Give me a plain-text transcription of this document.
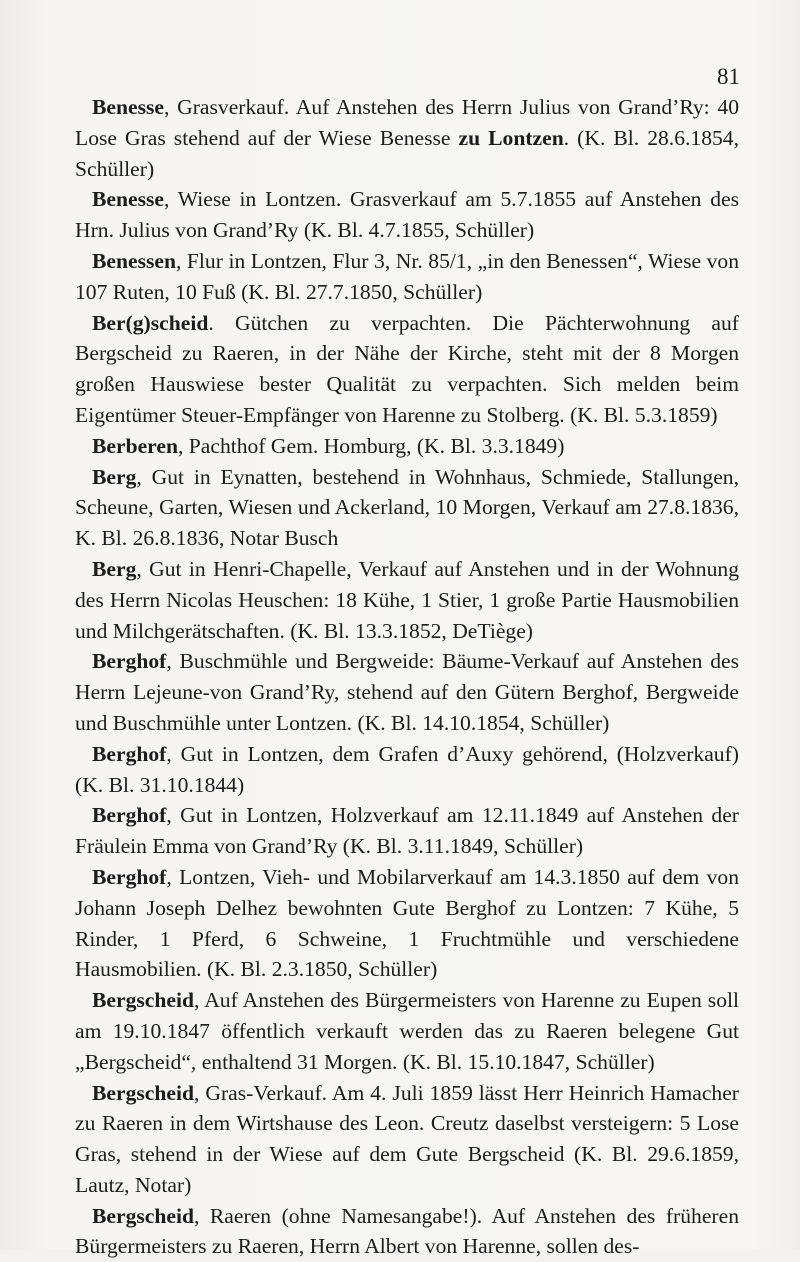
81

Benesse, Grasverkauf. Auf Anstehen des Herrn Julius von Grand’Ry: 40 Lose Gras stehend auf der Wiese Benesse zu Lontzen. (K. Bl. 28.6.1854, Schüller)

Benesse, Wiese in Lontzen. Grasverkauf am 5.7.1855 auf Anstehen des Hrn. Julius von Grand’Ry (K. Bl. 4.7.1855, Schüller)

Benessen, Flur in Lontzen, Flur 3, Nr. 85/1, „in den Benessen“, Wiese von 107 Ruten, 10 Fuß (K. Bl. 27.7.1850, Schüller)

Ber(g)scheid. Gütchen zu verpachten. Die Pächterwohnung auf Bergscheid zu Raeren, in der Nähe der Kirche, steht mit der 8 Morgen großen Hauswiese bester Qualität zu verpachten. Sich melden beim Eigentümer Steuer-Empfänger von Harenne zu Stolberg. (K. Bl. 5.3.1859)

Berberen, Pachthof Gem. Homburg, (K. Bl. 3.3.1849)

Berg, Gut in Eynatten, bestehend in Wohnhaus, Schmiede, Stallungen, Scheune, Garten, Wiesen und Ackerland, 10 Morgen, Verkauf am 27.8.1836, K. Bl. 26.8.1836, Notar Busch

Berg, Gut in Henri-Chapelle, Verkauf auf Anstehen und in der Wohnung des Herrn Nicolas Heuschen: 18 Kühe, 1 Stier, 1 große Partie Hausmobilien und Milchgerätschaften. (K. Bl. 13.3.1852, DeTiège)

Berghof, Buschmühle und Bergweide: Bäume-Verkauf auf Anstehen des Herrn Lejeune-von Grand’Ry, stehend auf den Gütern Berghof, Bergweide und Buschmühle unter Lontzen. (K. Bl. 14.10.1854, Schüller)

Berghof, Gut in Lontzen, dem Grafen d’Auxy gehörend, (Holzverkauf) (K. Bl. 31.10.1844)

Berghof, Gut in Lontzen, Holzverkauf am 12.11.1849 auf Anstehen der Fräulein Emma von Grand’Ry (K. Bl. 3.11.1849, Schüller)

Berghof, Lontzen, Vieh- und Mobilarverkauf am 14.3.1850 auf dem von Johann Joseph Delhez bewohnten Gute Berghof zu Lontzen: 7 Kühe, 5 Rinder, 1 Pferd, 6 Schweine, 1 Fruchtmühle und verschiedene Hausmobilien. (K. Bl. 2.3.1850, Schüller)

Bergscheid, Auf Anstehen des Bürgermeisters von Harenne zu Eupen soll am 19.10.1847 öffentlich verkauft werden das zu Raeren belegene Gut „Bergscheid“, enthaltend 31 Morgen. (K. Bl. 15.10.1847, Schüller)

Bergscheid, Gras-Verkauf. Am 4. Juli 1859 lässt Herr Heinrich Hamacher zu Raeren in dem Wirtshause des Leon. Creutz daselbst versteigern: 5 Lose Gras, stehend in der Wiese auf dem Gute Bergscheid (K. Bl. 29.6.1859, Lautz, Notar)

Bergscheid, Raeren (ohne Namesangabe!). Auf Anstehen des früheren Bürgermeisters zu Raeren, Herrn Albert von Harenne, sollen des-
